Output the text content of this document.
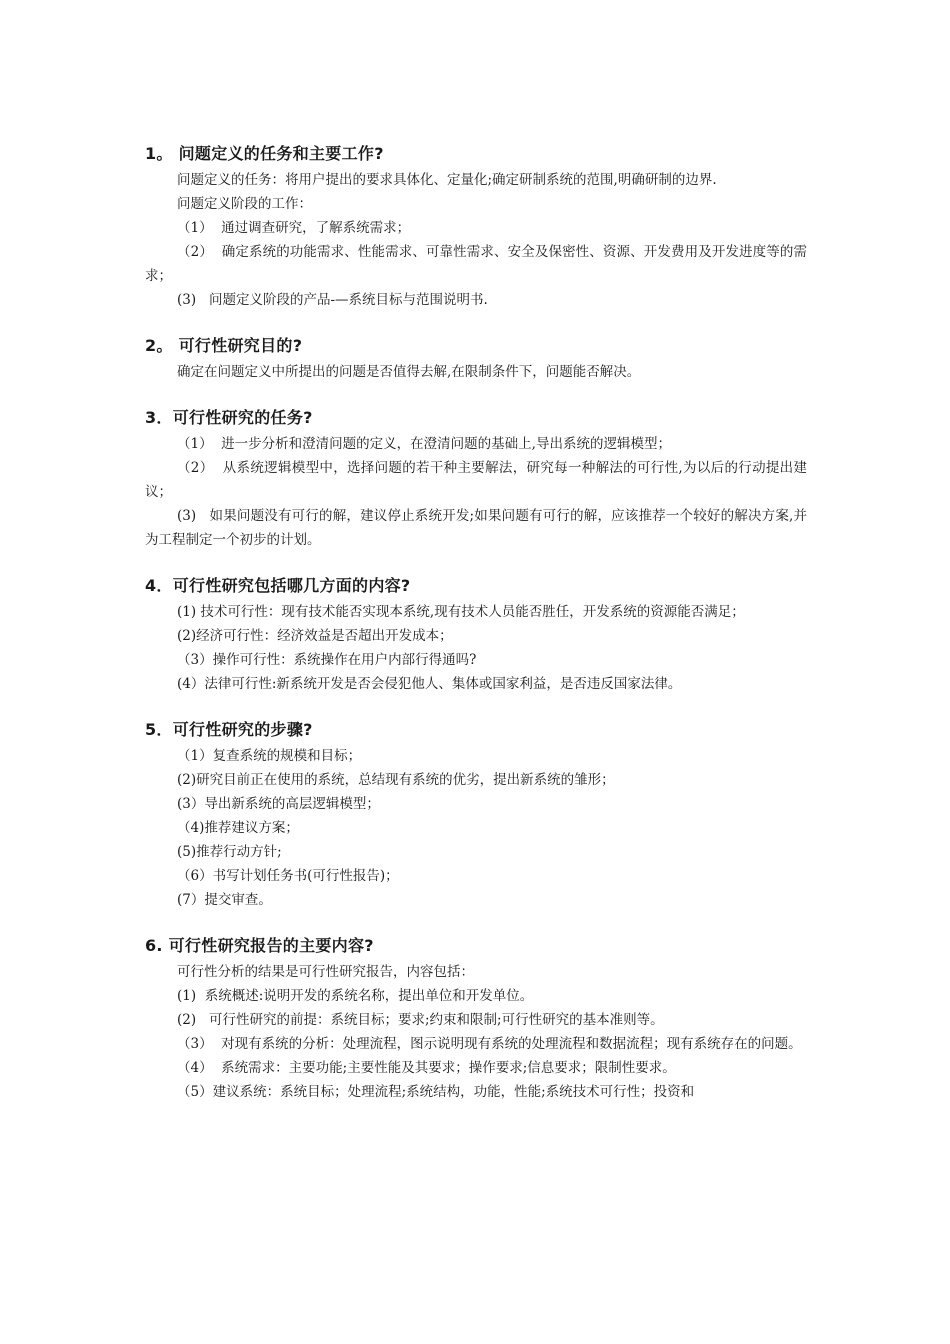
1。 问题定义的任务和主要工作?

问题定义的任务：将用户提出的要求具体化、定量化;确定研制系统的范围,明确研制的边界.

问题定义阶段的工作：

（1）  通过调查研究，了解系统需求；

（2）  确定系统的功能需求、性能需求、可靠性需求、安全及保密性、资源、开发费用及开发进度等的需求；

(3)   问题定义阶段的产品-—系统目标与范围说明书.

2。 可行性研究目的?

确定在问题定义中所提出的问题是否值得去解,在限制条件下，问题能否解决。

3．可行性研究的任务?

（1）  进一步分析和澄清问题的定义，在澄清问题的基础上,导出系统的逻辑模型；

（2）  从系统逻辑模型中，选择问题的若干种主要解法，研究每一种解法的可行性,为以后的行动提出建议；

(3)   如果问题没有可行的解，建议停止系统开发;如果问题有可行的解，应该推荐一个较好的解决方案,并为工程制定一个初步的计划。

4．可行性研究包括哪几方面的内容?

(1) 技术可行性：现有技术能否实现本系统,现有技术人员能否胜任，开发系统的资源能否满足；

(2)经济可行性：经济效益是否超出开发成本；

（3）操作可行性：系统操作在用户内部行得通吗?

(4）法律可行性:新系统开发是否会侵犯他人、集体或国家利益，是否违反国家法律。

5．可行性研究的步骤?

（1）复查系统的规模和目标；

(2)研究目前正在使用的系统，总结现有系统的优劣，提出新系统的雏形；

(3）导出新系统的高层逻辑模型；

（4)推荐建议方案；

(5)推荐行动方针;

（6）书写计划任务书(可行性报告)；

(7）提交审查。

6. 可行性研究报告的主要内容?

可行性分析的结果是可行性研究报告，内容包括：

(1)  系统概述:说明开发的系统名称，提出单位和开发单位。

(2)   可行性研究的前提：系统目标；要求;约束和限制;可行性研究的基本准则等。

（3）  对现有系统的分析：处理流程，图示说明现有系统的处理流程和数据流程；现有系统存在的问题。

（4）  系统需求：主要功能;主要性能及其要求；操作要求;信息要求；限制性要求。

（5）建议系统：系统目标；处理流程;系统结构，功能，性能;系统技术可行性；投资和
